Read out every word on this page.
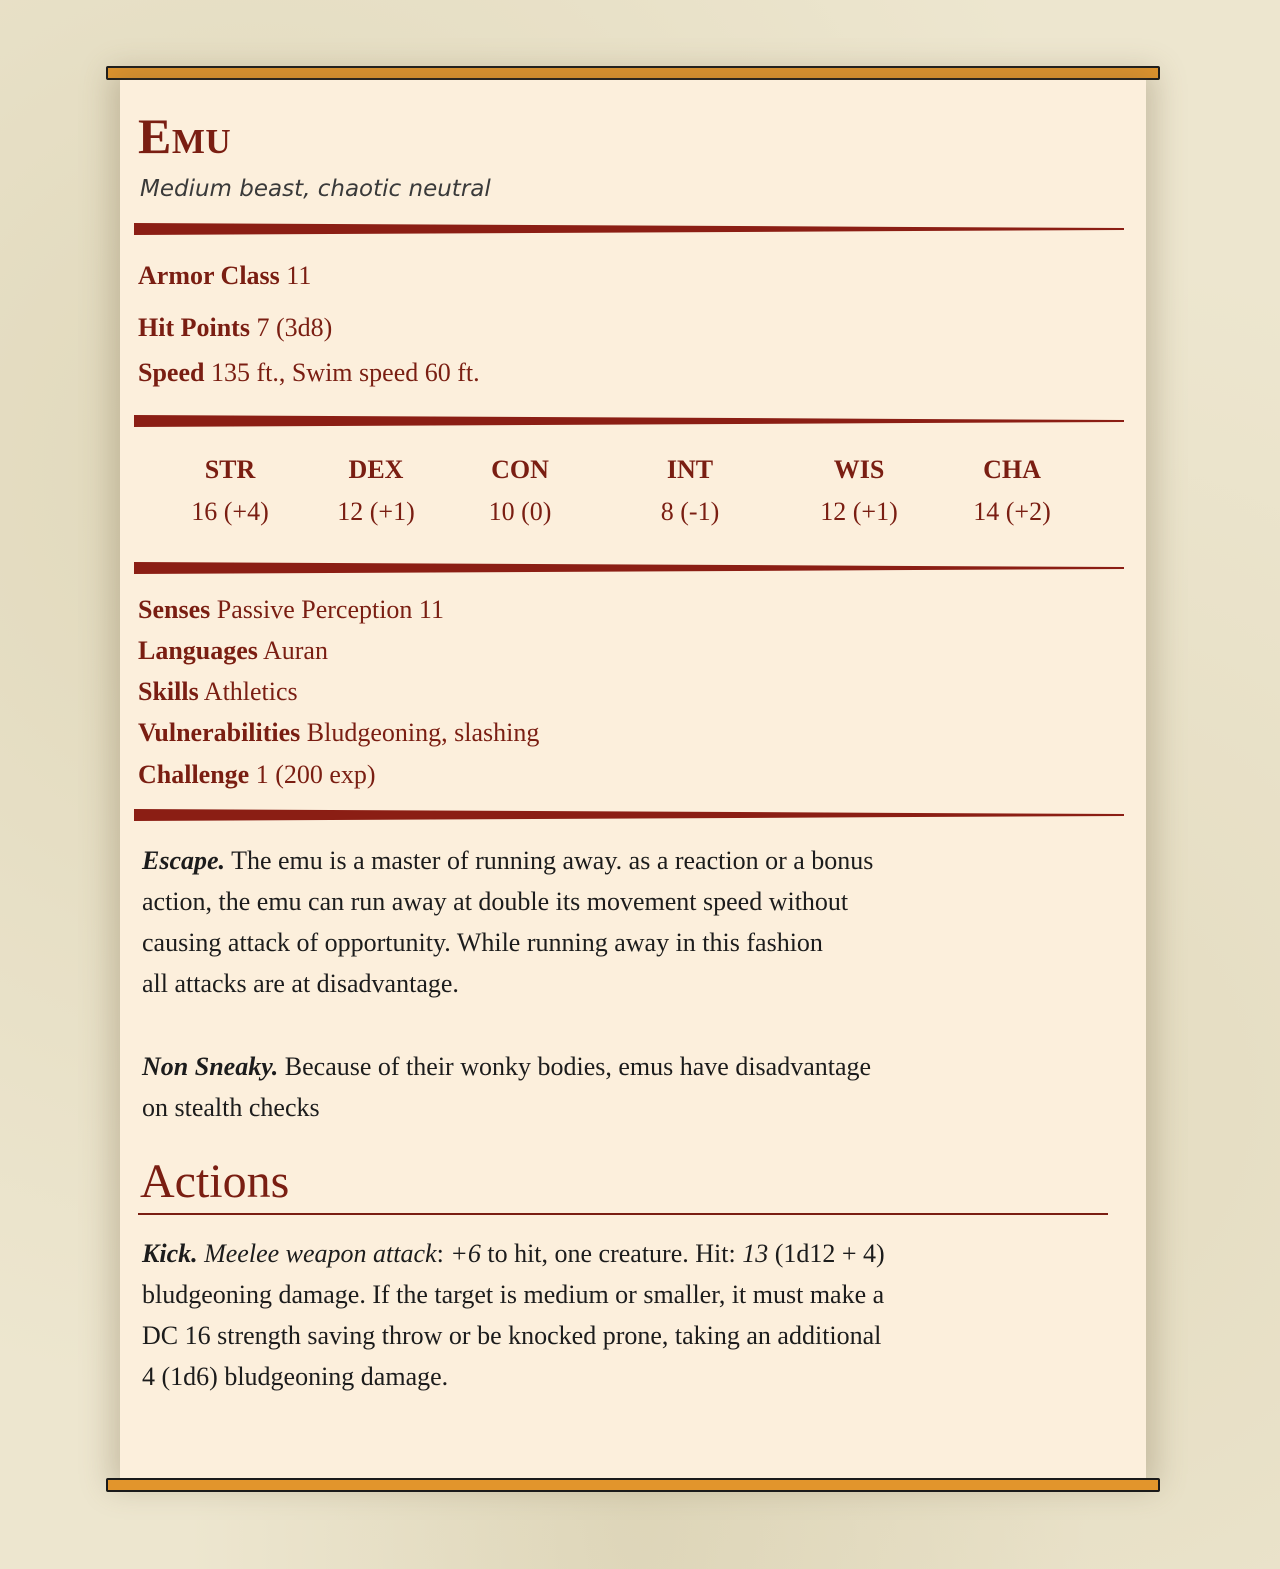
Emu
Medium beast, chaotic neutral
Armor Class 11
Hit Points 7 (3d8)
Speed 135 ft., Swim speed 60 ft.
STR
16 (+4)
DEX
12 (+1)
CON
10 (0)
INT
8 (-1)
WIS
12 (+1)
CHA
14 (+2)
Senses Passive Perception 11
Languages Auran
Skills Athletics
Vulnerabilities Bludgeoning, slashing
Challenge 1 (200 exp)
Escape. The emu is a master of running away. as a reaction or a bonus
action, the emu can run away at double its movement speed without
causing attack of opportunity. While running away in this fashion
all attacks are at disadvantage.
Non Sneaky. Because of their wonky bodies, emus have disadvantage
on stealth checks
Actions
Kick. Meelee weapon attack: +6 to hit, one creature. Hit: 13 (1d12 + 4)
bludgeoning damage. If the target is medium or smaller, it must make a
DC 16 strength saving throw or be knocked prone, taking an additional
4 (1d6) bludgeoning damage.
